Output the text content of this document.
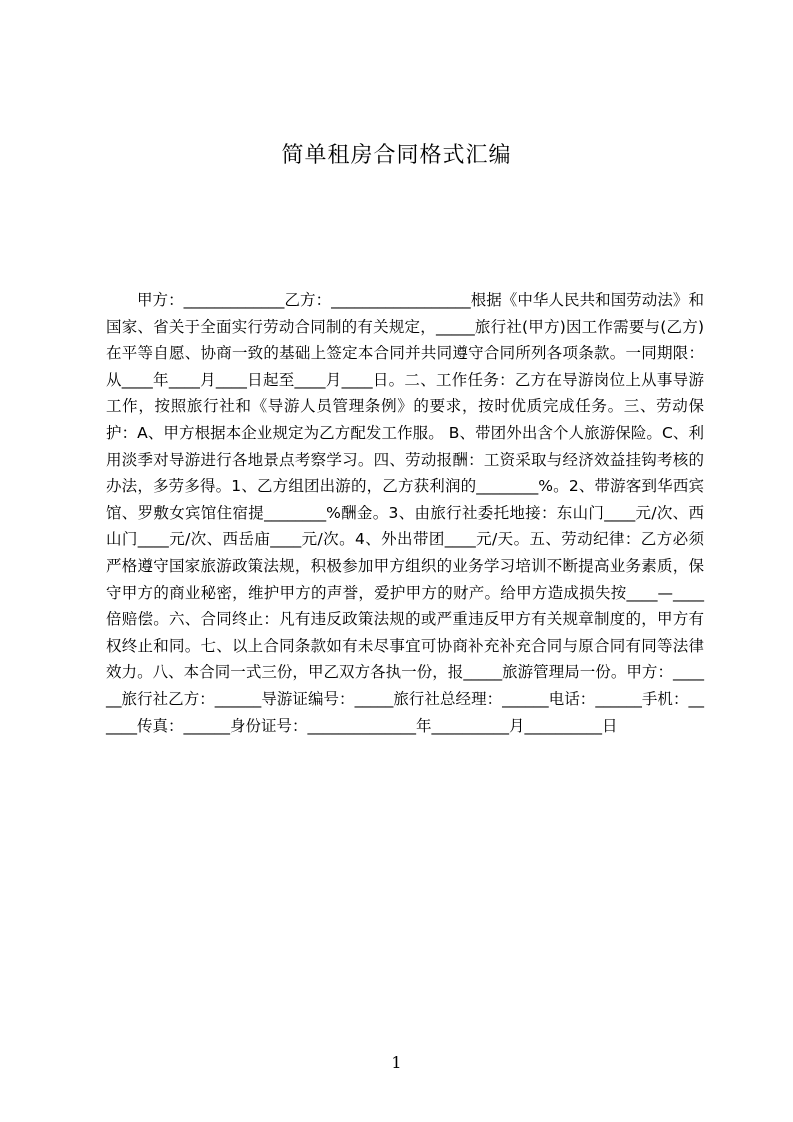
简单租房合同格式汇编
甲方：_____________乙方：__________________根据《中华人民共和国劳动法》和国家、省关于全面实行劳动合同制的有关规定，_____旅行社(甲方)因工作需要与(乙方)在平等自愿、协商一致的基础上签定本合同并共同遵守合同所列各项条款。一同期限：从____年____月____日起至____月____日。二、工作任务：乙方在导游岗位上从事导游工作，按照旅行社和《导游人员管理条例》的要求，按时优质完成任务。三、劳动保护：A、甲方根据本企业规定为乙方配发工作服。 B、带团外出含个人旅游保险。C、利用淡季对导游进行各地景点考察学习。四、劳动报酬：工资采取与经济效益挂钩考核的办法，多劳多得。1、乙方组团出游的，乙方获利润的________%。2、带游客到华西宾馆、罗敷女宾馆住宿提________%酬金。3、由旅行社委托地接：东山门____元/次、西山门____元/次、西岳庙____元/次。4、外出带团____元/天。五、劳动纪律：乙方必须严格遵守国家旅游政策法规，积极参加甲方组织的业务学习培训不断提高业务素质，保守甲方的商业秘密，维护甲方的声誉，爱护甲方的财产。给甲方造成损失按____—____倍赔偿。六、合同终止：凡有违反政策法规的或严重违反甲方有关规章制度的，甲方有权终止和同。七、以上合同条款如有未尽事宜可协商补充补充合同与原合同有同等法律效力。八、本合同一式三份，甲乙双方各执一份，报_____旅游管理局一份。甲方：______旅行社乙方：______导游证编号：_____旅行社总经理：______电话：______手机：______传真：______身份证号：______________年__________月__________日
1
